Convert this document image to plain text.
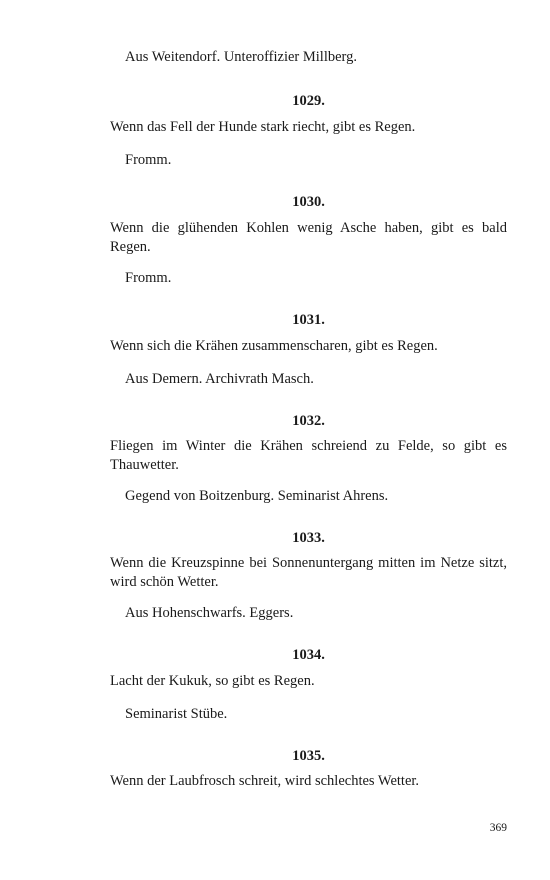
Aus Weitendorf. Unteroffizier Millberg.

1029.

Wenn das Fell der Hunde stark riecht, gibt es Regen.

Fromm.

1030.

Wenn die glühenden Kohlen wenig Asche haben, gibt es bald Regen.

Fromm.

1031.

Wenn sich die Krähen zusammenscharen, gibt es Regen.

Aus Demern. Archivrath Masch.

1032.

Fliegen im Winter die Krähen schreiend zu Felde, so gibt es Thauwetter.

Gegend von Boitzenburg. Seminarist Ahrens.

1033.

Wenn die Kreuzspinne bei Sonnenuntergang mitten im Netze sitzt, wird schön Wetter.

Aus Hohenschwarfs. Eggers.

1034.

Lacht der Kukuk, so gibt es Regen.

Seminarist Stübe.

1035.

Wenn der Laubfrosch schreit, wird schlechtes Wetter.

369
